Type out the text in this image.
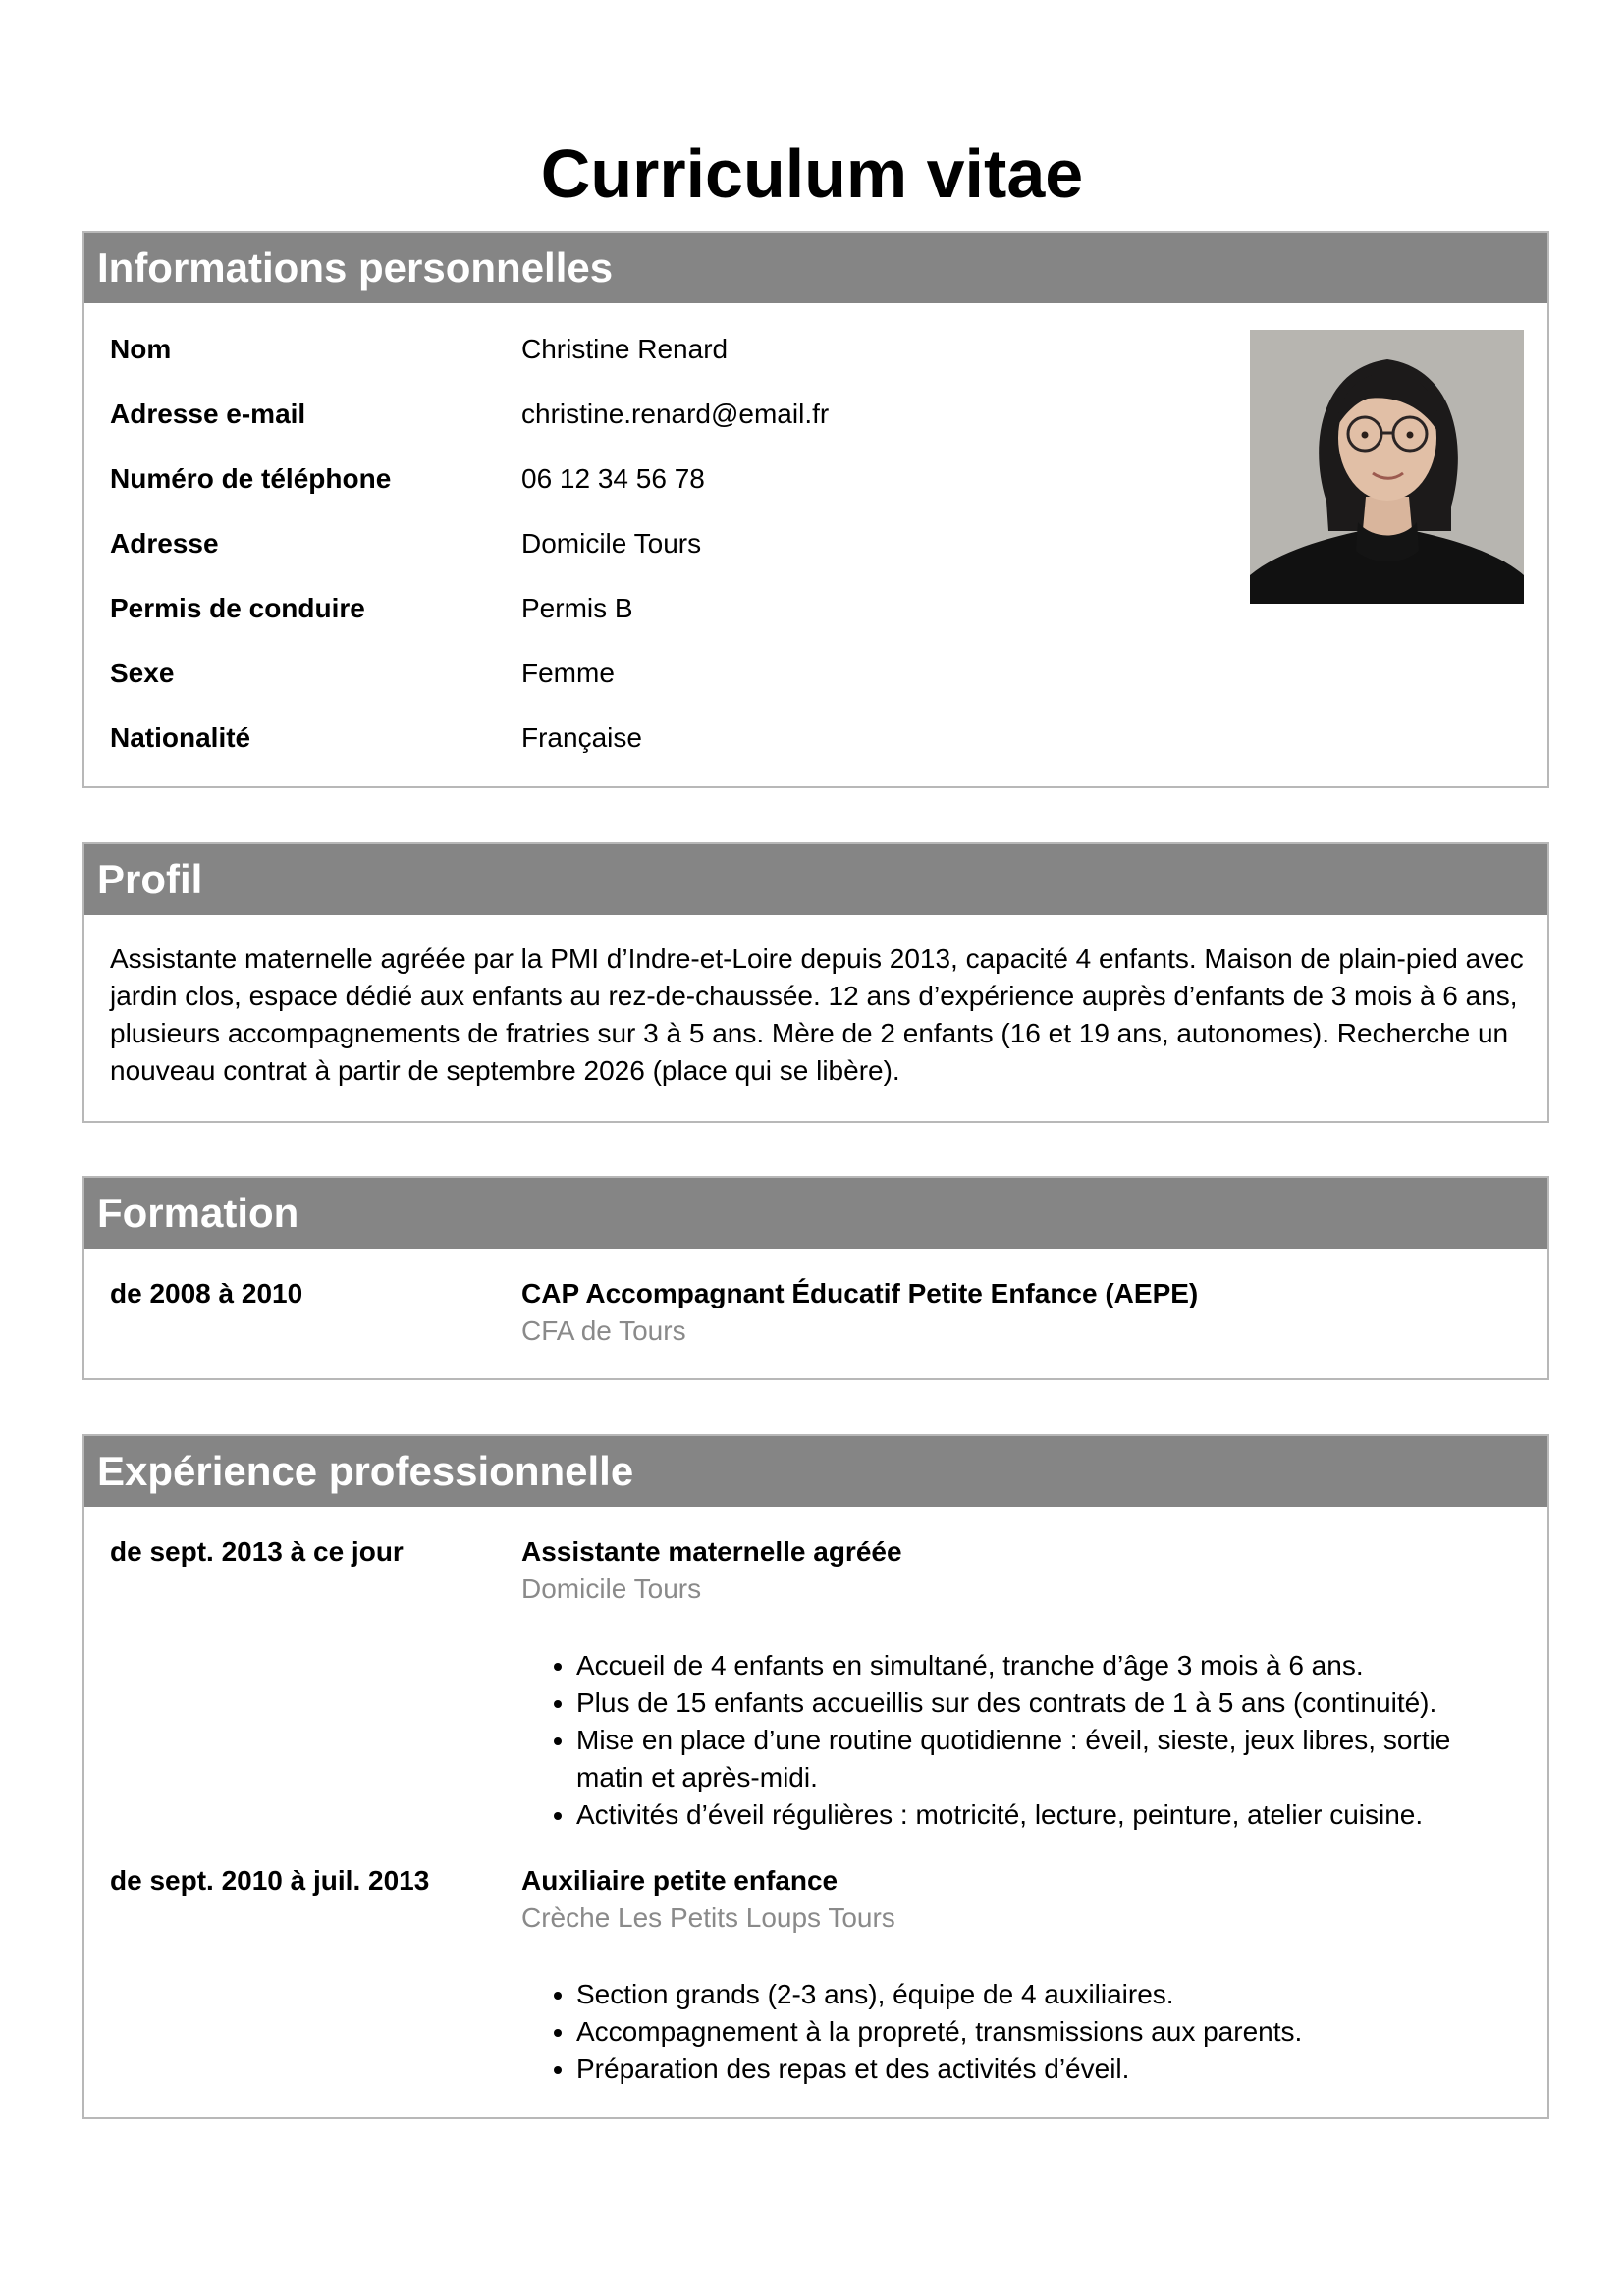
Curriculum vitae
Informations personnelles
Nom	Christine Renard
Adresse e-mail	christine.renard@email.fr
Numéro de téléphone	06 12 34 56 78
Adresse	Domicile Tours
Permis de conduire	Permis B
Sexe	Femme
Nationalité	Française
Profil
Assistante maternelle agréée par la PMI d’Indre-et-Loire depuis 2013, capacité 4 enfants. Maison de plain-pied avec jardin clos, espace dédié aux enfants au rez-de-chaussée. 12 ans d’expérience auprès d’enfants de 3 mois à 6 ans, plusieurs accompagnements de fratries sur 3 à 5 ans. Mère de 2 enfants (16 et 19 ans, autonomes). Recherche un nouveau contrat à partir de septembre 2026 (place qui se libère).
Formation
de 2008 à 2010	CAP Accompagnant Éducatif Petite Enfance (AEPE)
CFA de Tours
Expérience professionnelle
de sept. 2013 à ce jour	Assistante maternelle agréée
Domicile Tours
• Accueil de 4 enfants en simultané, tranche d’âge 3 mois à 6 ans.
• Plus de 15 enfants accueillis sur des contrats de 1 à 5 ans (continuité).
• Mise en place d’une routine quotidienne : éveil, sieste, jeux libres, sortie matin et après-midi.
• Activités d’éveil régulières : motricité, lecture, peinture, atelier cuisine.
de sept. 2010 à juil. 2013	Auxiliaire petite enfance
Crèche Les Petits Loups Tours
• Section grands (2-3 ans), équipe de 4 auxiliaires.
• Accompagnement à la propreté, transmissions aux parents.
• Préparation des repas et des activités d’éveil.
